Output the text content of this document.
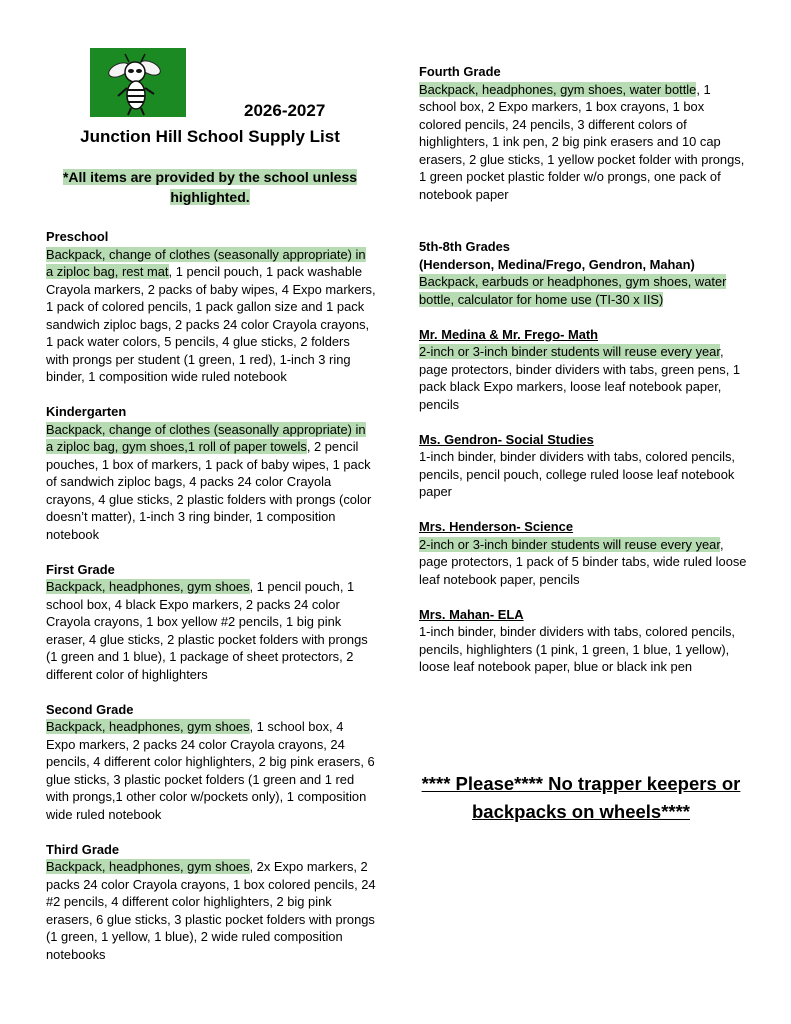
2026-2027
Junction Hill School Supply List
*All items are provided by the school unless highlighted.
Preschool

Backpack, change of clothes (seasonally appropriate) in a ziploc bag, rest mat, 1 pencil pouch, 1 pack washable Crayola markers, 2 packs of baby wipes, 4 Expo markers, 1 pack of colored pencils, 1 pack gallon size and 1 pack sandwich ziploc bags, 2 packs 24 color Crayola crayons, 1 pack water colors, 5 pencils, 4 glue sticks, 2 folders with prongs per student (1 green, 1 red), 1-inch 3 ring binder, 1 composition wide ruled notebook

Kindergarten

Backpack, change of clothes (seasonally appropriate) in a ziploc bag, gym shoes,1 roll of paper towels, 2 pencil pouches, 1 box of markers, 1 pack of baby wipes, 1 pack of sandwich ziploc bags, 4 packs 24 color Crayola crayons, 4 glue sticks, 2 plastic folders with prongs (color doesn’t matter), 1-inch 3 ring binder, 1 composition notebook

First Grade

Backpack, headphones, gym shoes, 1 pencil pouch, 1 school box, 4 black Expo markers, 2 packs 24 color Crayola crayons, 1 box yellow #2 pencils, 1 big pink eraser, 4 glue sticks, 2 plastic pocket folders with prongs (1 green and 1 blue), 1 package of sheet protectors, 2 different color of highlighters

Second Grade

Backpack, headphones, gym shoes, 1 school box, 4 Expo markers, 2 packs 24 color Crayola crayons, 24 pencils, 4 different color highlighters, 2 big pink erasers, 6 glue sticks, 3 plastic pocket folders (1 green and 1 red with prongs,1 other color w/pockets only), 1 composition wide ruled notebook

Third Grade

Backpack, headphones, gym shoes, 2x Expo markers, 2 packs 24 color Crayola crayons, 1 box colored pencils, 24 #2 pencils, 4 different color highlighters, 2 big pink erasers, 6 glue sticks, 3 plastic pocket folders with prongs (1 green, 1 yellow, 1 blue), 2 wide ruled composition notebooks

Fourth Grade

Backpack, headphones, gym shoes, water bottle, 1 school box, 2 Expo markers, 1 box crayons, 1 box colored pencils, 24 pencils, 3 different colors of highlighters, 1 ink pen, 2 big pink erasers and 10 cap erasers, 2 glue sticks, 1 yellow pocket folder with prongs, 1 green pocket plastic folder w/o prongs, one pack of notebook paper

5th-8th Grades

(Henderson, Medina/Frego, Gendron, Mahan)

Backpack, earbuds or headphones, gym shoes, water bottle, calculator for home use (TI-30 x IIS)

Mr. Medina & Mr. Frego- Math

2-inch or 3-inch binder students will reuse every year, page protectors, binder dividers with tabs, green pens, 1 pack black Expo markers, loose leaf notebook paper, pencils

Ms. Gendron- Social Studies

1-inch binder, binder dividers with tabs, colored pencils, pencils, pencil pouch, college ruled loose leaf notebook paper

Mrs. Henderson- Science

2-inch or 3-inch binder students will reuse every year, page protectors, 1 pack of 5 binder tabs, wide ruled loose leaf notebook paper, pencils

Mrs. Mahan- ELA

1-inch binder, binder dividers with tabs, colored pencils, pencils, highlighters (1 pink, 1 green, 1 blue, 1 yellow), loose leaf notebook paper, blue or black ink pen

**** Please**** No trapper keepers or backpacks on wheels****
